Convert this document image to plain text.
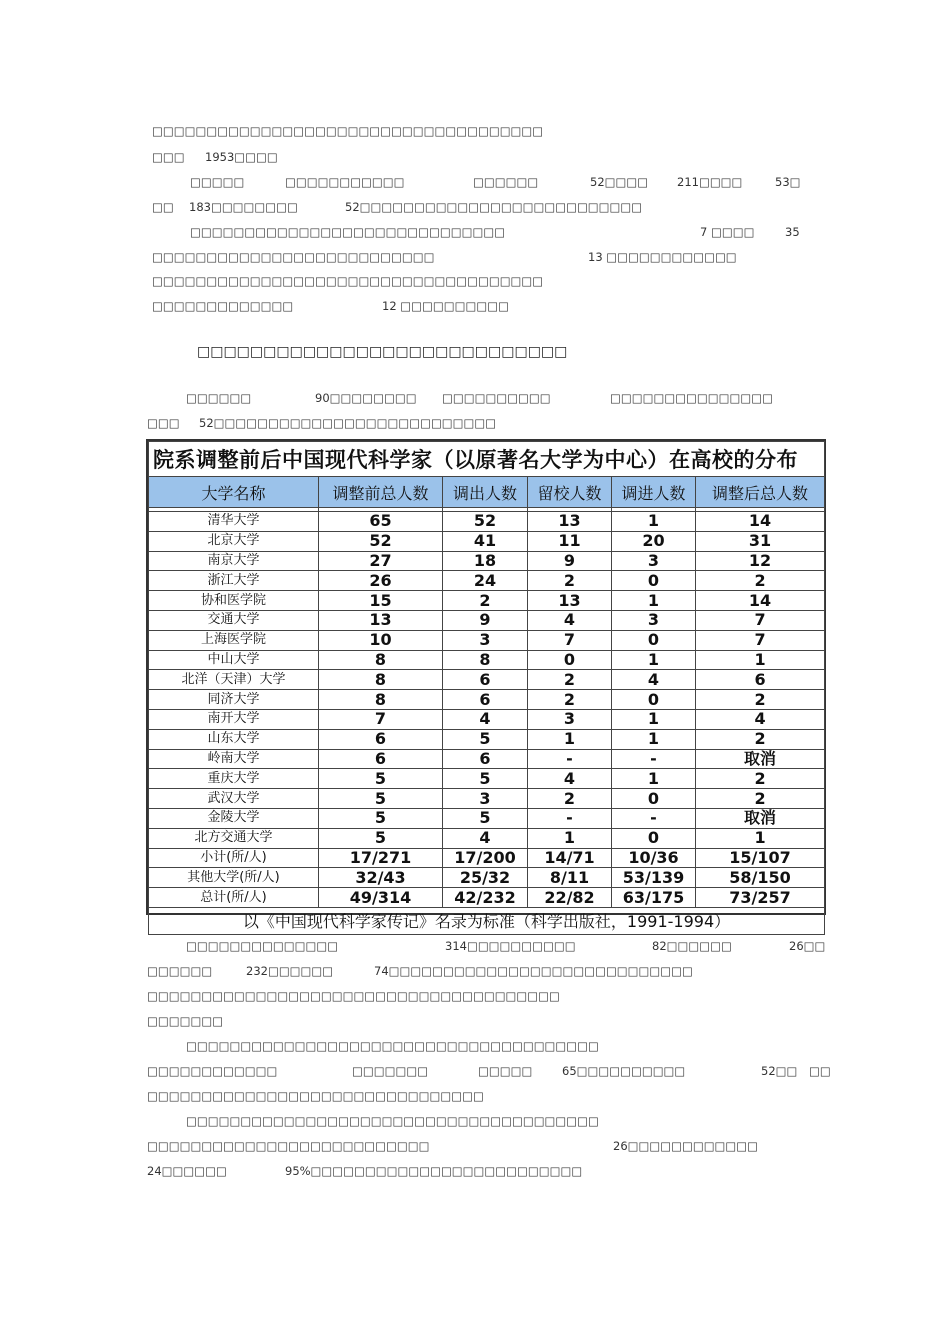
□□□□□□□□□□□□□□□□□□□□□□□□□□□□□□□□□□□□

□□□

1953□□□□

□□□□□

	□□□□□□□□□□□

	□□□□□□

	52□□□□

	211□□□□

	53□

□□

183□□□□□□□□

	52□□□□□□□□□□□□□□□□□□□□□□□□□□

□□□□□□□□□□□□□□□□□□□□□□□□□□□□□

	7 □□□□

	35

□□□□□□□□□□□□□□□□□□□□□□□□□□

	13 □□□□□□□□□□□□

□□□□□□□□□□□□□□□□□□□□□□□□□□□□□□□□□□□□

□□□□□□□□□□□□□

	12 □□□□□□□□□□

□□□□□□□□□□□□□□□□□□□□□□□□□□□□

□□□□□□

	90□□□□□□□□

□□□□□□□□□□

	□□□□□□□□□□□□□□□

□□□

52□□□□□□□□□□□□□□□□□□□□□□□□□□

院系调整前后中国现代科学家（以原著名大学为中心）在高校的分布					
大学名称	调整前总人数	调出人数	留校人数	调进人数	调整后总人数

清华大学	65	52	13	1	14
北京大学	52	41	11	20	31
南京大学	27	18	9	3	12
浙江大学	26	24	2	0	2
协和医学院	15	2	13	1	14
交通大学	13	9	4	3	7
上海医学院	10	3	7	0	7
中山大学	8	8	0	1	1
北洋（天津）大学	8	6	2	4	6
同济大学	8	6	2	0	2
南开大学	7	4	3	1	4
山东大学	6	5	1	1	2
岭南大学	6	6	-	-	取消
重庆大学	5	5	4	1	2
武汉大学	5	3	2	0	2
金陵大学	5	5	-	-	取消
北方交通大学	5	4	1	0	1
小计(所/人)	17/271	17/200	14/71	10/36	15/107
其他大学(所/人)	32/43	25/32	8/11	53/139	58/150
总计(所/人)	49/314	42/232	22/82	63/175	73/257
以《中国现代科学家传记》名录为标准（科学出版社，1991-1994）					

□□□□□□□□□□□□□□

	314□□□□□□□□□□

	82□□□□□□

	26□□

□□□□□□

	232□□□□□□

	74□□□□□□□□□□□□□□□□□□□□□□□□□□□□

□□□□□□□□□□□□□□□□□□□□□□□□□□□□□□□□□□□□□□

□□□□□□□

□□□□□□□□□□□□□□□□□□□□□□□□□□□□□□□□□□□□□□

□□□□□□□□□□□□

	□□□□□□□

	□□□□□

	65□□□□□□□□□□

	52□□

□□

□□□□□□□□□□□□□□□□□□□□□□□□□□□□□□□

□□□□□□□□□□□□□□□□□□□□□□□□□□□□□□□□□□□□□□

□□□□□□□□□□□□□□□□□□□□□□□□□□

	26□□□□□□□□□□□□

24□□□□□□

	95%□□□□□□□□□□□□□□□□□□□□□□□□□
